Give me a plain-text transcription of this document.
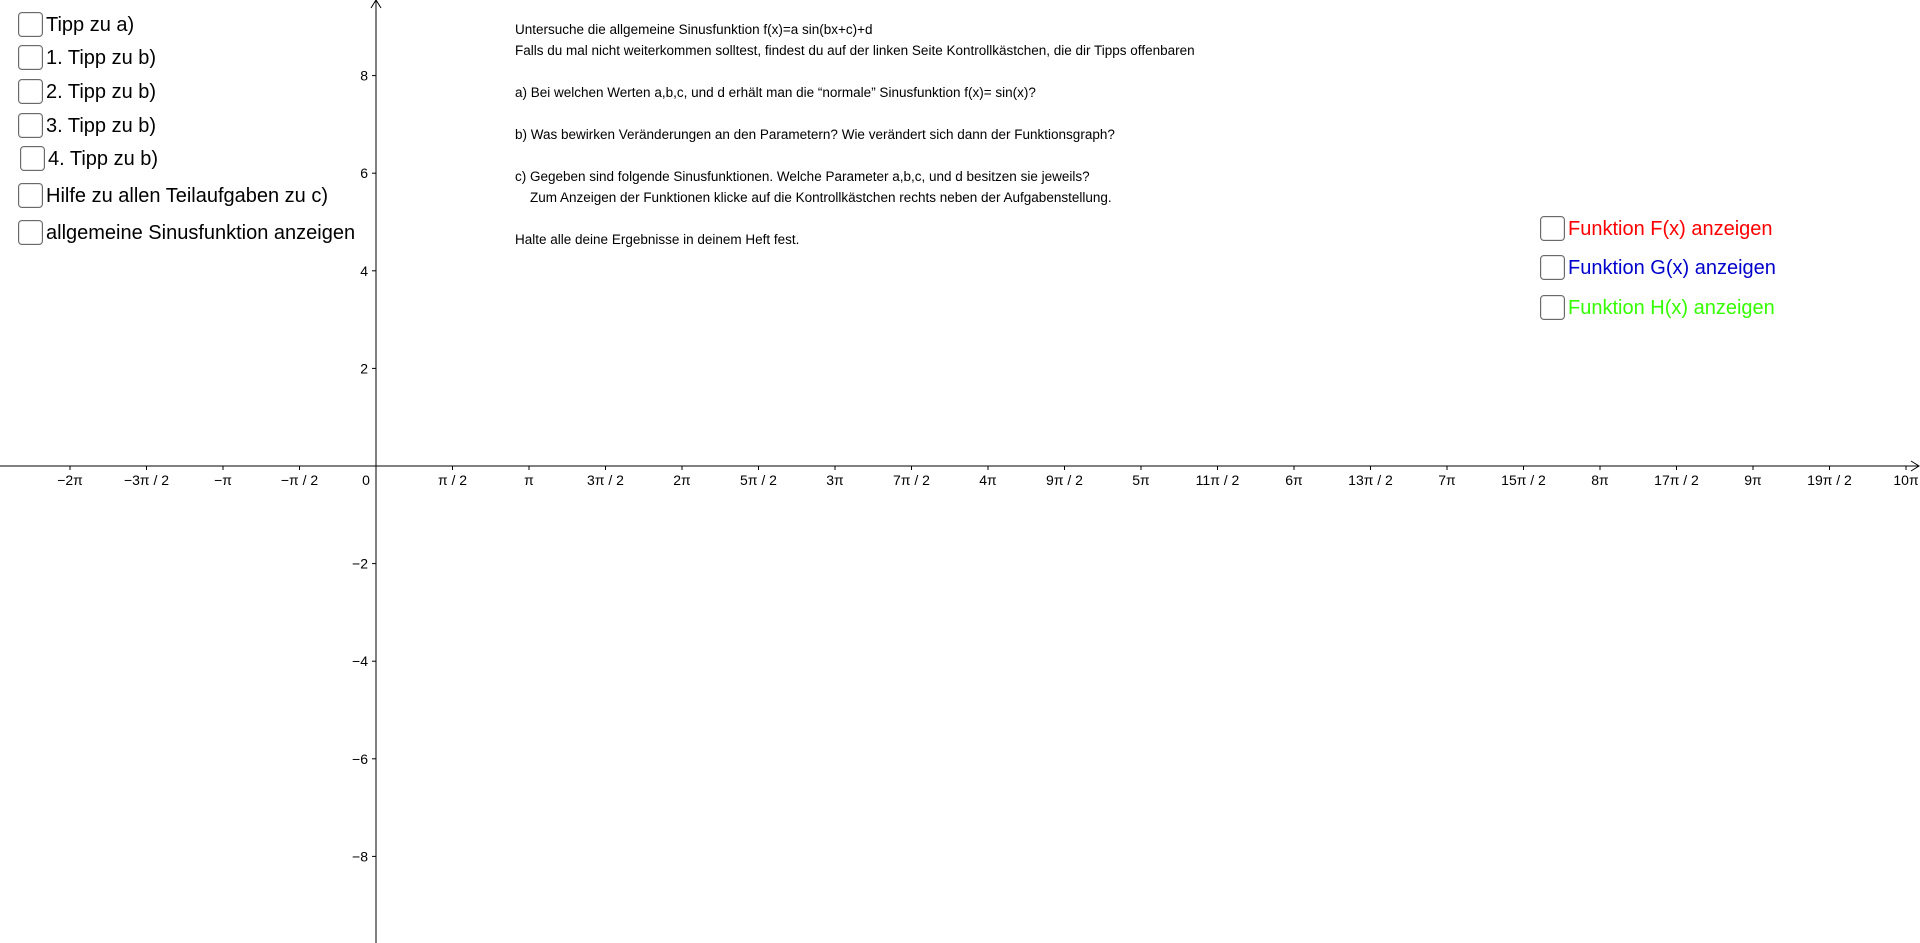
−2π	−3π / 2	−π	−π / 2	0	π / 2	π	3π / 2	2π	5π / 2	3π	7π / 2	4π	9π / 2	5π	11π / 2	6π	13π / 2	7π	15π / 2	8π	17π / 2	9π	19π / 2	10π
8
6
4
2
−2
−4
−6
−8
Tipp zu a)
1. Tipp zu b)
2. Tipp zu b)
3. Tipp zu b)
4. Tipp zu b)
Hilfe zu allen Teilaufgaben zu c)
allgemeine Sinusfunktion anzeigen
Untersuche die allgemeine Sinusfunktion f(x)=a sin(bx+c)+d
Falls du mal nicht weiterkommen solltest, findest du auf der linken Seite Kontrollkästchen, die dir Tipps offenbaren
a) Bei welchen Werten a,b,c, und d erhält man die “normale” Sinusfunktion f(x)= sin(x)?
b) Was bewirken Veränderungen an den Parametern? Wie verändert sich dann der Funktionsgraph?
c) Gegeben sind folgende Sinusfunktionen. Welche Parameter a,b,c, und d besitzen sie jeweils?
Zum Anzeigen der Funktionen klicke auf die Kontrollkästchen rechts neben der Aufgabenstellung.
Halte alle deine Ergebnisse in deinem Heft fest.	Funktion F(x) anzeigen
Funktion G(x) anzeigen
Funktion H(x) anzeigen
